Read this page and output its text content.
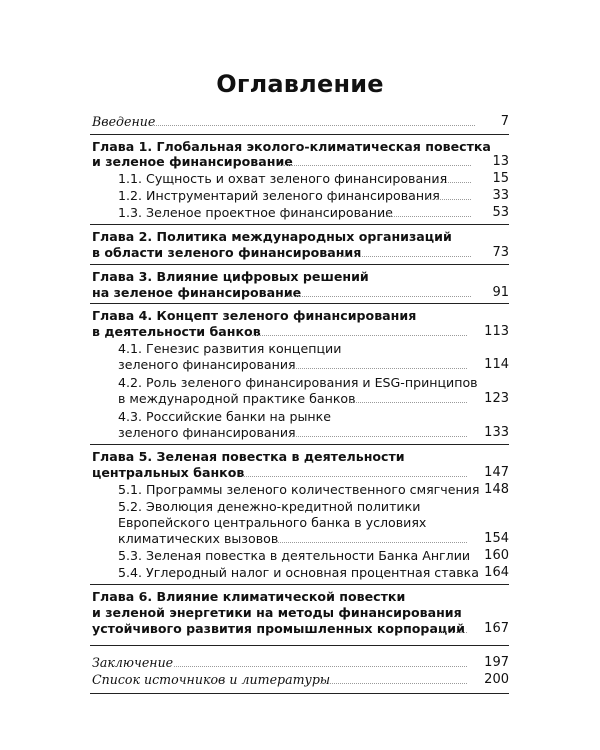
Оглавление
Введение	7
Глава 1. Глобальная эколого-климатическая повестка
и зеленое финансирование	13
1.1. Сущность и охват зеленого финансирования	15
1.2. Инструментарий зеленого финансирования	33
1.3. Зеленое проектное финансирование	53
Глава 2. Политика международных организаций
в области зеленого финансирования	73
Глава 3. Влияние цифровых решений
на зеленое финансирование	91
Глава 4. Концепт зеленого финансирования
в деятельности банков	113
4.1. Генезис развития концепции
зеленого финансирования	114
4.2. Роль зеленого финансирования и ESG-принципов
в международной практике банков	123
4.3. Российские банки на рынке
зеленого финансирования	133
Глава 5. Зеленая повестка в деятельности
центральных банков	147
5.1. Программы зеленого количественного смягчения 148
5.2. Эволюция денежно-кредитной политики
Европейского центрального банка в условиях
климатических вызовов	154
5.3. Зеленая повестка в деятельности Банка Англии 160
5.4. Углеродный налог и основная процентная ставка 164
Глава 6. Влияние климатической повестки
и зеленой энергетики на методы финансирования
устойчивого развития промышленных корпораций 167
Заключение	197
Список источников и литературы	200
